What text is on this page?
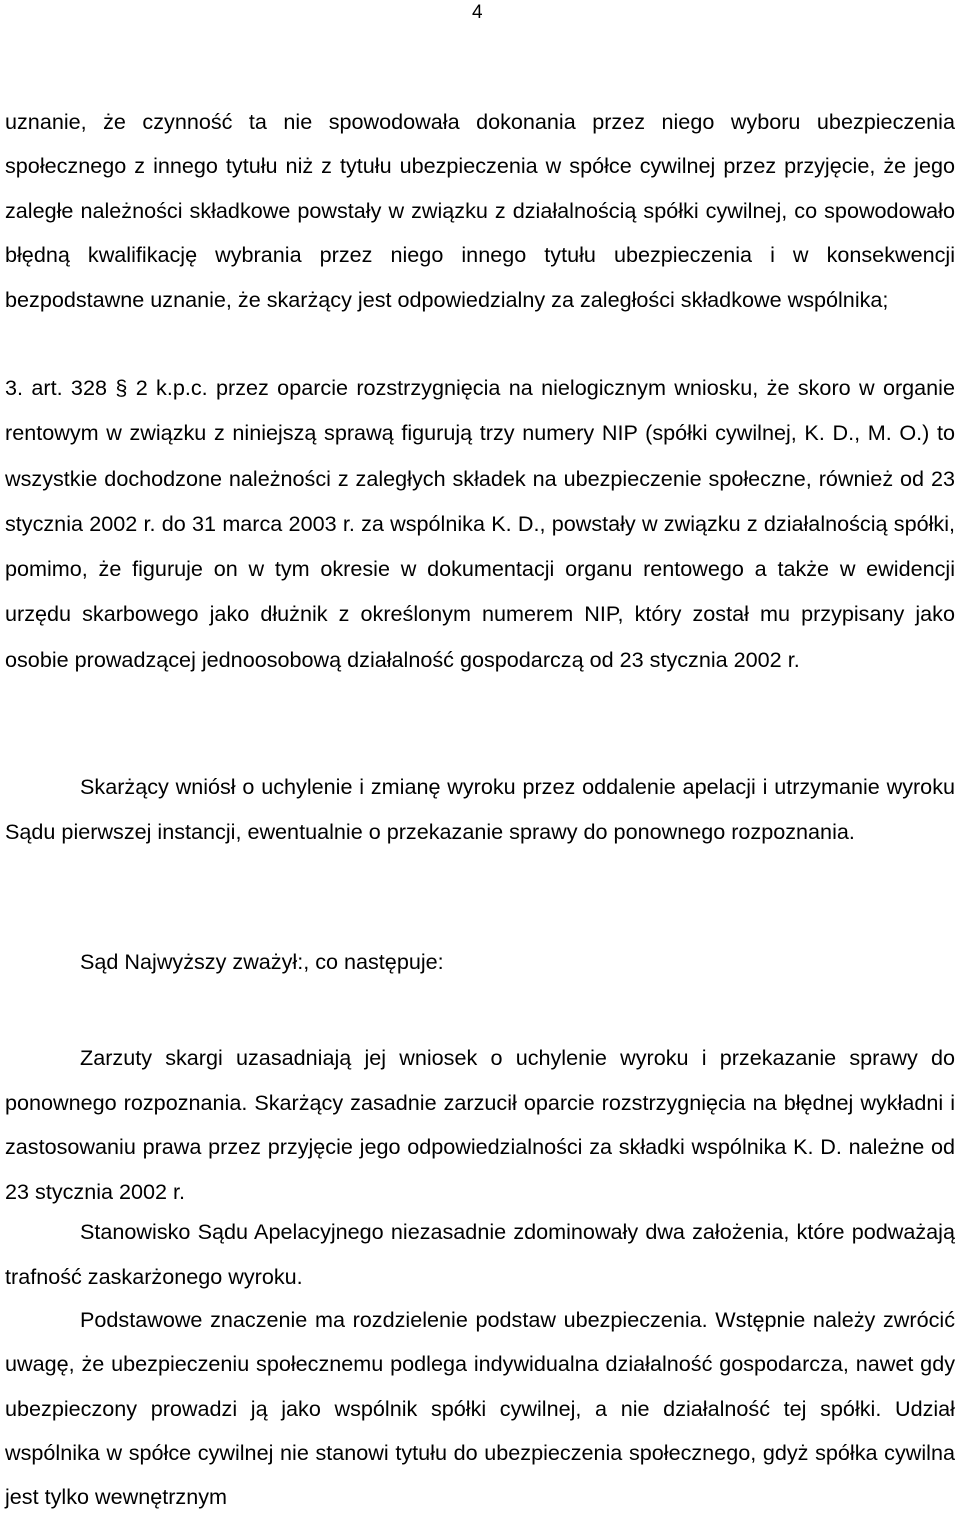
4

uznanie, że czynność ta nie spowodowała dokonania przez niego wyboru ubezpieczenia społecznego z innego tytułu niż z tytułu ubezpieczenia w spółce cywilnej przez przyjęcie, że jego zaległe należności składkowe powstały w związku z działalnością spółki cywilnej, co spowodowało błędną kwalifikację wybrania przez niego innego tytułu ubezpieczenia i w konsekwencji bezpodstawne uznanie, że skarżący jest odpowiedzialny za zaległości składkowe wspólnika;

3. art. 328 § 2 k.p.c. przez oparcie rozstrzygnięcia na nielogicznym wniosku, że skoro w organie rentowym w związku z niniejszą sprawą figurują trzy numery NIP (spółki cywilnej, K. D., M. O.) to wszystkie dochodzone należności z zaległych składek na ubezpieczenie społeczne, również od 23 stycznia 2002 r. do 31 marca 2003 r. za wspólnika K. D., powstały w związku z działalnością spółki, pomimo, że figuruje on w tym okresie w dokumentacji organu rentowego a także w ewidencji urzędu skarbowego jako dłużnik z określonym numerem NIP, który został mu przypisany jako osobie prowadzącej jednoosobową działalność gospodarczą od 23 stycznia 2002 r.

Skarżący wniósł o uchylenie i zmianę wyroku przez oddalenie apelacji i utrzymanie wyroku Sądu pierwszej instancji, ewentualnie o przekazanie sprawy do ponownego rozpoznania.

Sąd Najwyższy zważył:, co następuje:

Zarzuty skargi uzasadniają jej wniosek o uchylenie wyroku i przekazanie sprawy do ponownego rozpoznania. Skarżący zasadnie zarzucił oparcie rozstrzygnięcia na błędnej wykładni i zastosowaniu prawa przez przyjęcie jego odpowiedzialności za składki wspólnika K. D. należne od 23 stycznia 2002 r.

Stanowisko Sądu Apelacyjnego niezasadnie zdominowały dwa założenia, które podważają trafność zaskarżonego wyroku.

Podstawowe znaczenie ma rozdzielenie podstaw ubezpieczenia. Wstępnie należy zwrócić uwagę, że ubezpieczeniu społecznemu podlega indywidualna działalność gospodarcza, nawet gdy ubezpieczony prowadzi ją jako wspólnik spółki cywilnej, a nie działalność tej spółki. Udział wspólnika w spółce cywilnej nie stanowi tytułu do ubezpieczenia społecznego, gdyż spółka cywilna jest tylko wewnętrznym
